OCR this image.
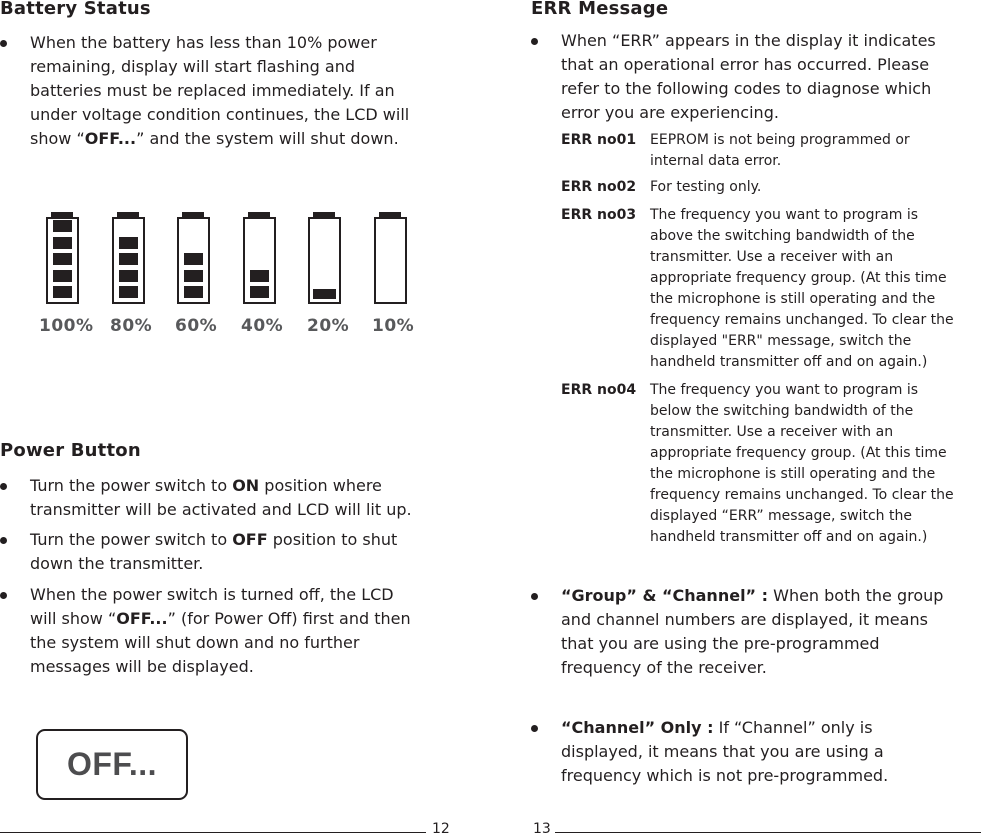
Battery Status
When the battery has less than 10% power
remaining, display will start flashing and
batteries must be replaced immediately. If an
under voltage condition continues, the LCD will
show “OFF...” and the system will shut down.
100% 80% 60% 40% 20% 10%
Power Button
Turn the power switch to ON position where
transmitter will be activated and LCD will lit up.
Turn the power switch to OFF position to shut
down the transmitter.
When the power switch is turned off, the LCD
will show “OFF...” (for Power Off) first and then
the system will shut down and no further
messages will be displayed.
OFF...
12
ERR Message
When “ERR” appears in the display it indicates
that an operational error has occurred. Please
refer to the following codes to diagnose which
error you are experiencing.
ERR no01 EEPROM is not being programmed or
internal data error.
ERR no02 For testing only.
ERR no03 The frequency you want to program is
above the switching bandwidth of the
transmitter. Use a receiver with an
appropriate frequency group. (At this time
the microphone is still operating and the
frequency remains unchanged. To clear the
displayed "ERR" message, switch the
handheld transmitter off and on again.)
ERR no04 The frequency you want to program is
below the switching bandwidth of the
transmitter. Use a receiver with an
appropriate frequency group. (At this time
the microphone is still operating and the
frequency remains unchanged. To clear the
displayed “ERR” message, switch the
handheld transmitter off and on again.)
“Group” & “Channel” : When both the group
and channel numbers are displayed, it means
that you are using the pre-programmed
frequency of the receiver.
“Channel” Only : If “Channel” only is
displayed, it means that you are using a
frequency which is not pre-programmed.
13
